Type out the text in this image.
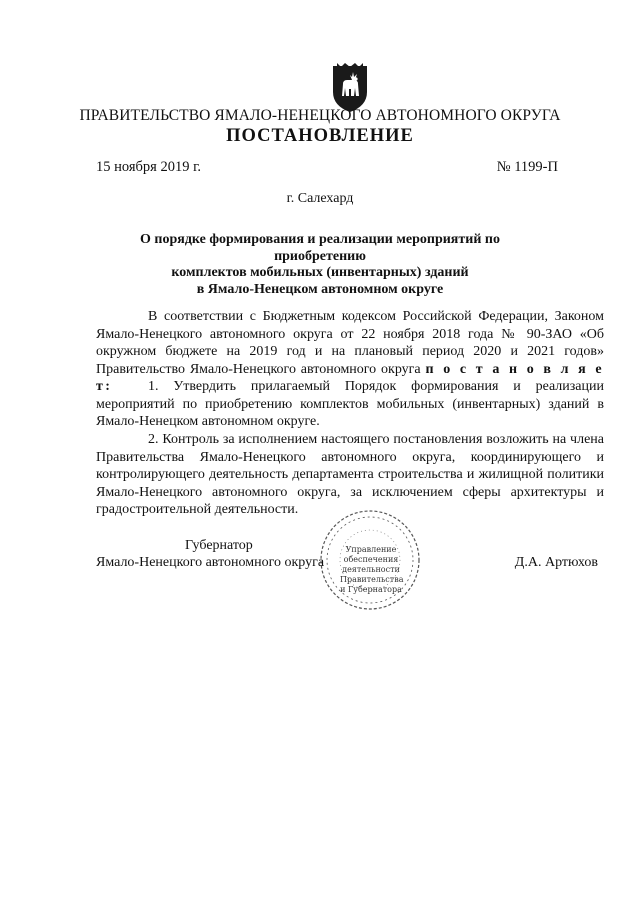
ПРАВИТЕЛЬСТВО ЯМАЛО-НЕНЕЦКОГО АВТОНОМНОГО ОКРУГА
ПОСТАНОВЛЕНИЕ
15 ноября 2019 г.	№ 1199-П
г. Салехард
О порядке формирования и реализации мероприятий по приобретению
комплектов мобильных (инвентарных) зданий
в Ямало-Ненецком автономном округе
В соответствии с Бюджетным кодексом Российской Федерации, Законом Ямало-Ненецкого автономного округа от 22 ноября 2018 года № 90-ЗАО «Об окружном бюджете на 2019 год и на плановый период 2020 и 2021 годов» Правительство Ямало-Ненецкого автономного округа п о с т а н о в л я е т:	1. Утвердить прилагаемый Порядок формирования и реализации мероприятий по приобретению комплектов мобильных (инвентарных) зданий в Ямало-Ненецком автономном округе.
2. Контроль за исполнением настоящего постановления возложить на члена Правительства Ямало-Ненецкого автономного округа, координирующего и контролирующего деятельность департамента строительства и жилищной политики Ямало-Ненецкого автономного округа, за исключением сферы архитектуры и градостроительной деятельности.
Управление
обеспечения
деятельности
Правительства
и Губернатора
Губернатор
Ямало-Ненецкого автономного округа	Д.А. Артюхов
